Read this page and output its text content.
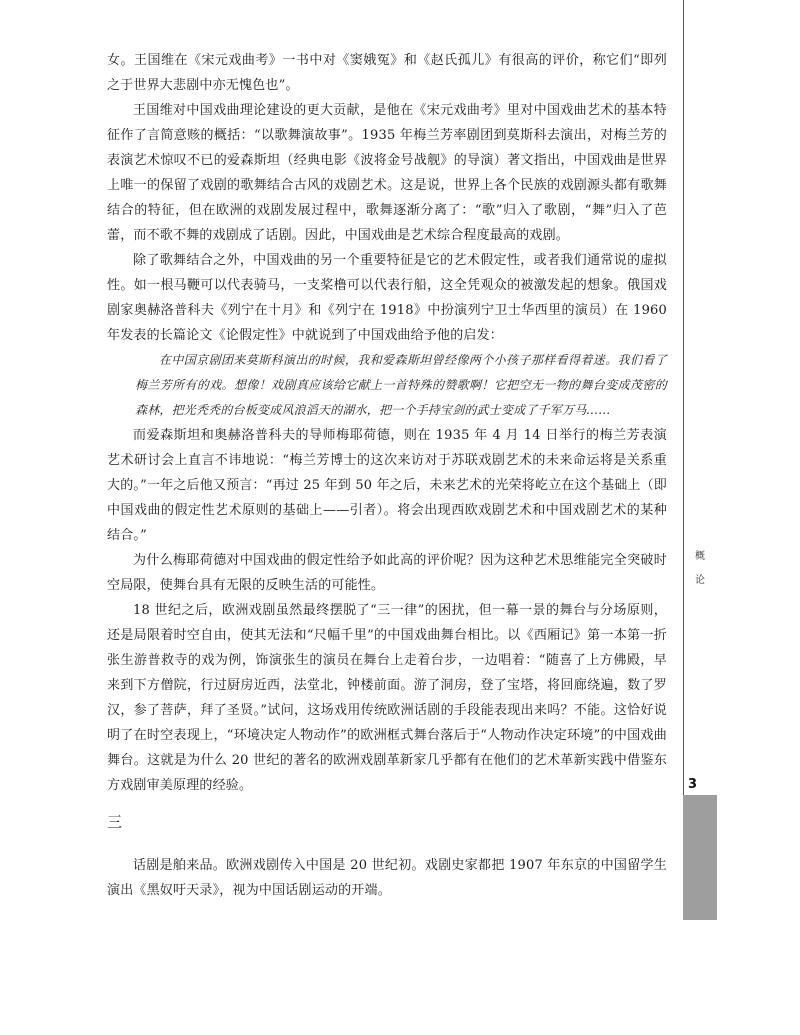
女。王国维在《宋元戏曲考》一书中对《窦娥冤》和《赵氏孤儿》有很高的评价，称它们“即列之于世界大悲剧中亦无愧色也”。

王国维对中国戏曲理论建设的更大贡献，是他在《宋元戏曲考》里对中国戏曲艺术的基本特征作了言简意赅的概括：“以歌舞演故事”。1935 年梅兰芳率剧团到莫斯科去演出，对梅兰芳的表演艺术惊叹不已的爱森斯坦（经典电影《波将金号战舰》的导演）著文指出，中国戏曲是世界上唯一的保留了戏剧的歌舞结合古风的戏剧艺术。这是说，世界上各个民族的戏剧源头都有歌舞结合的特征，但在欧洲的戏剧发展过程中，歌舞逐渐分离了：“歌”归入了歌剧，“舞”归入了芭蕾，而不歌不舞的戏剧成了话剧。因此，中国戏曲是艺术综合程度最高的戏剧。

除了歌舞结合之外，中国戏曲的另一个重要特征是它的艺术假定性，或者我们通常说的虚拟性。如一根马鞭可以代表骑马，一支桨橹可以代表行船，这全凭观众的被激发起的想象。俄国戏剧家奥赫洛普科夫《列宁在十月》和《列宁在 1918》中扮演列宁卫士华西里的演员）在 1960 年发表的长篇论文《论假定性》中就说到了中国戏曲给予他的启发：

在中国京剧团来莫斯科演出的时候，我和爱森斯坦曾经像两个小孩子那样看得着迷。我们看了梅兰芳所有的戏。想像！戏剧真应该给它献上一首特殊的赞歌啊！它把空无一物的舞台变成茂密的森林，把光秃秃的台板变成风浪滔天的湖水，把一个手持宝剑的武士变成了千军万马……

而爱森斯坦和奥赫洛普科夫的导师梅耶荷德，则在 1935 年 4 月 14 日举行的梅兰芳表演艺术研讨会上直言不讳地说：“梅兰芳博士的这次来访对于苏联戏剧艺术的未来命运将是关系重大的。”一年之后他又预言：“再过 25 年到 50 年之后，未来艺术的光荣将屹立在这个基础上（即中国戏曲的假定性艺术原则的基础上——引者）。将会出现西欧戏剧艺术和中国戏剧艺术的某种结合。”

为什么梅耶荷德对中国戏曲的假定性给予如此高的评价呢？因为这种艺术思维能完全突破时空局限，使舞台具有无限的反映生活的可能性。

18 世纪之后，欧洲戏剧虽然最终摆脱了“三一律”的困扰，但一幕一景的舞台与分场原则，还是局限着时空自由，使其无法和“尺幅千里”的中国戏曲舞台相比。以《西厢记》第一本第一折张生游普救寺的戏为例，饰演张生的演员在舞台上走着台步，一边唱着：“随喜了上方佛殿，早来到下方僧院，行过厨房近西，法堂北，钟楼前面。游了洞房，登了宝塔，将回廊绕遍，数了罗汉，参了菩萨，拜了圣贤。”试问，这场戏用传统欧洲话剧的手段能表现出来吗？不能。这恰好说明了在时空表现上，“环境决定人物动作”的欧洲框式舞台落后于“人物动作决定环境”的中国戏曲舞台。这就是为什么 20 世纪的著名的欧洲戏剧革新家几乎都有在他们的艺术革新实践中借鉴东方戏剧审美原理的经验。

三

话剧是舶来品。欧洲戏剧传入中国是 20 世纪初。戏剧史家都把 1907 年东京的中国留学生演出《黑奴吁天录》，视为中国话剧运动的开端。

概
论
3
